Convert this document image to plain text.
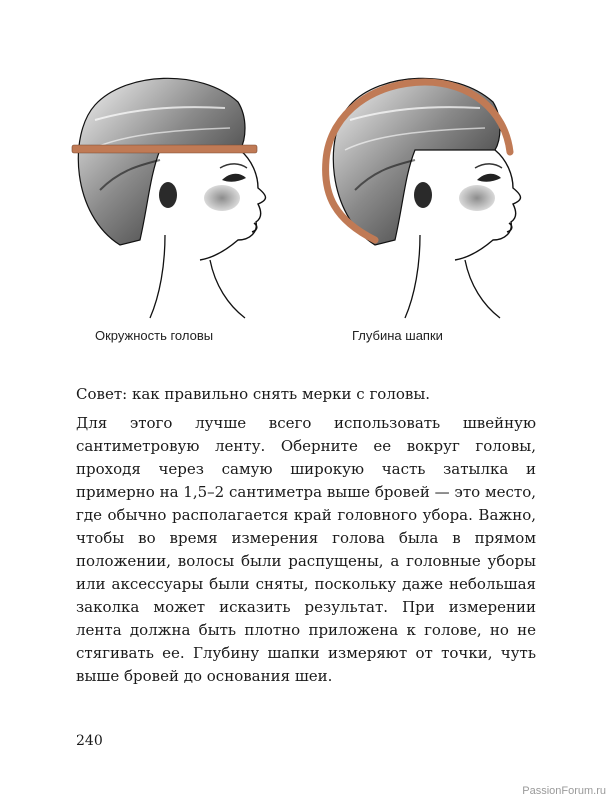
Окружность головы	Глубина шапки
Совет: как правильно снять мерки с головы.
Для этого лучше всего использовать швейную сантиметровую ленту. Оберните ее вокруг головы, проходя через самую широкую часть затылка и примерно на 1,5–2 сантиметра выше бровей — это место, где обычно располагается край головного убора. Важно, чтобы во время измерения голова была в прямом положении, волосы были распущены, а головные уборы или аксессуары были сняты, поскольку даже небольшая заколка может исказить результат. При измерении лента должна быть плотно приложена к голове, но не стягивать ее. Глубину шапки измеряют от точки, чуть выше бровей до основания шеи.
240
PassionForum.ru
